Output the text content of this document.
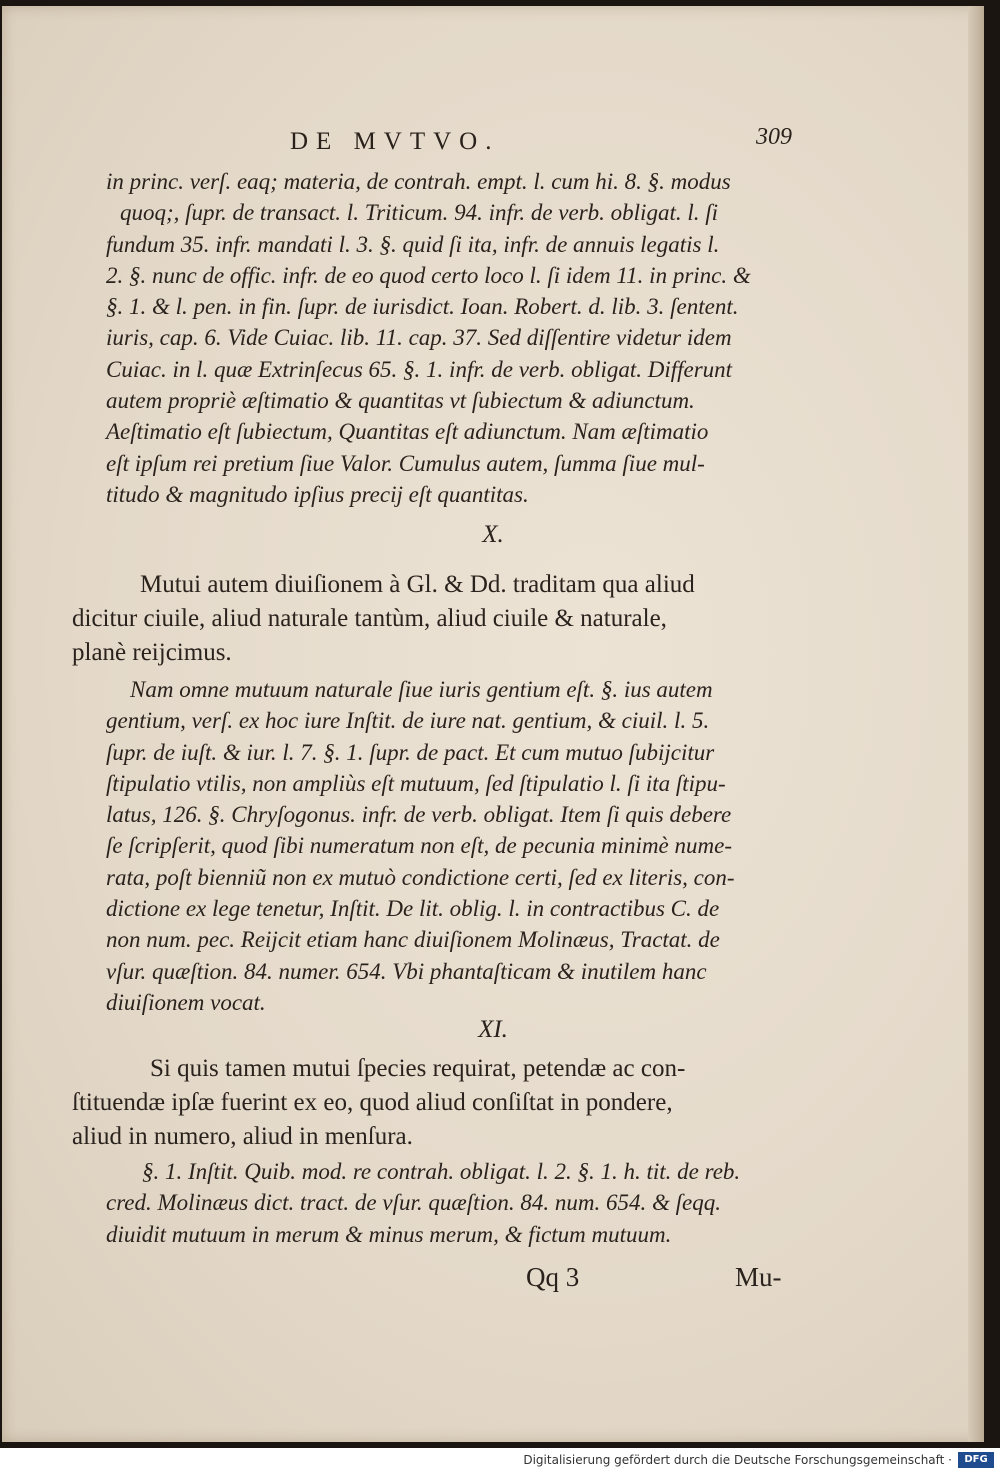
DE MVTVO.	309

in princ. verſ. eaq; materia, de contrah. empt. l. cum hi. 8. §. modus

quoq;, ſupr. de transact. l. Triticum. 94. infr. de verb. obligat. l. ſi

fundum 35. infr. mandati l. 3. §. quid ſi ita, infr. de annuis legatis l.

2. §. nunc de offic. infr. de eo quod certo loco l. ſi idem 11. in princ. &

§. 1. & l. pen. in fin. ſupr. de iurisdict. Ioan. Robert. d. lib. 3. ſentent.

iuris, cap. 6. Vide Cuiac. lib. 11. cap. 37. Sed diſſentire videtur idem

Cuiac. in l. quæ Extrinſecus 65. §. 1. infr. de verb. obligat. Differunt

autem propriè æſtimatio & quantitas vt ſubiectum & adiunctum.

Aeſtimatio eſt ſubiectum, Quantitas eſt adiunctum. Nam æſtimatio

eſt ipſum rei pretium ſiue Valor. Cumulus autem, ſumma ſiue mul-

titudo & magnitudo ipſius precij eſt quantitas.

X.

Mutui autem diuiſionem à Gl. & Dd. traditam qua aliud

dicitur ciuile, aliud naturale tantùm, aliud ciuile & naturale,

planè reijcimus.

Nam omne mutuum naturale ſiue iuris gentium eſt. §. ius autem

gentium, verſ. ex hoc iure Inſtit. de iure nat. gentium, & ciuil. l. 5.

ſupr. de iuſt. & iur. l. 7. §. 1. ſupr. de pact. Et cum mutuo ſubijcitur

ſtipulatio vtilis, non ampliùs eſt mutuum, ſed ſtipulatio l. ſi ita ſtipu-

latus, 126. §. Chryſogonus. infr. de verb. obligat. Item ſi quis debere

ſe ſcripſerit, quod ſibi numeratum non eſt, de pecunia minimè nume-

rata, poſt bienniũ non ex mutuò condictione certi, ſed ex literis, con-

dictione ex lege tenetur, Inſtit. De lit. oblig. l. in contractibus C. de

non num. pec. Reijcit etiam hanc diuiſionem Molinæus, Tractat. de

vſur. quæſtion. 84. numer. 654. Vbi phantaſticam & inutilem hanc

diuiſionem vocat.

XI.

Si quis tamen mutui ſpecies requirat, petendæ ac con-

ſtituendæ ipſæ fuerint ex eo, quod aliud conſiſtat in pondere,

aliud in numero, aliud in menſura.

§. 1. Inſtit. Quib. mod. re contrah. obligat. l. 2. §. 1. h. tit. de reb.

cred. Molinæus dict. tract. de vſur. quæſtion. 84. num. 654. & ſeqq.

diuidit mutuum in merum & minus merum, & fictum mutuum.

Qq 3	Mu-
Digitalisierung gefördert durch die Deutsche Forschungsgemeinschaft ·	DFG
